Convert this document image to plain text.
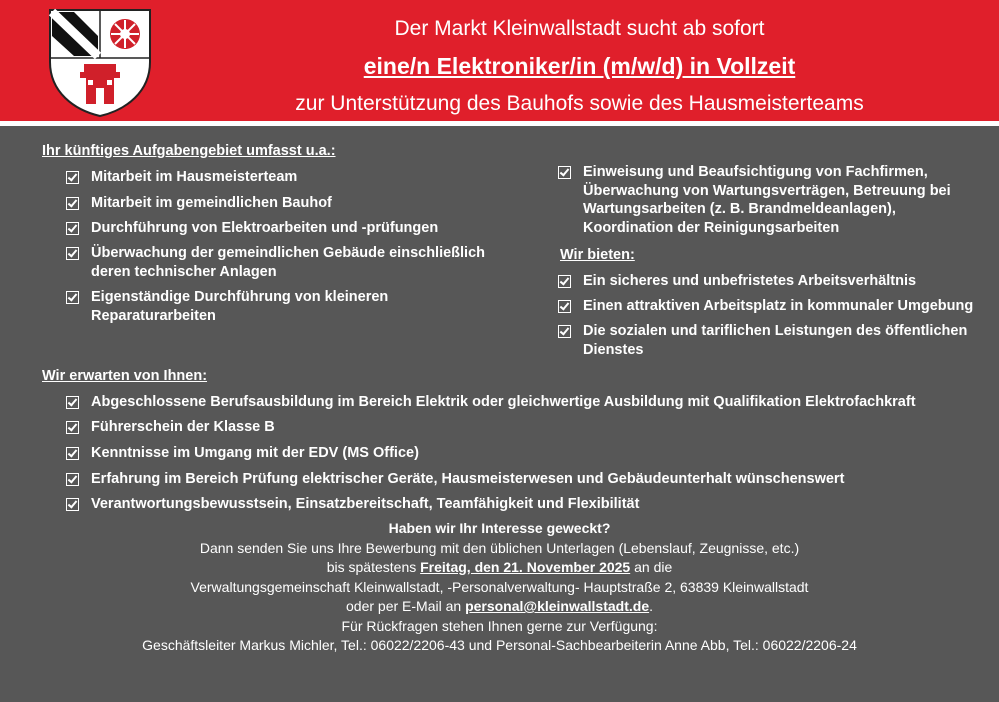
Der Markt Kleinwallstadt sucht ab sofort
eine/n Elektroniker/in (m/w/d) in Vollzeit
zur Unterstützung des Bauhofs sowie des Hausmeisterteams
Ihr künftiges Aufgabengebiet umfasst u.a.:
Mitarbeit im Hausmeisterteam
Mitarbeit im gemeindlichen Bauhof
Durchführung von Elektroarbeiten und -prüfungen
Überwachung der gemeindlichen Gebäude einschließlich deren technischer Anlagen
Eigenständige Durchführung von kleineren Reparaturarbeiten
Einweisung und Beaufsichtigung von Fachfirmen, Überwachung von Wartungsverträgen, Betreuung bei Wartungsarbeiten (z. B. Brandmeldeanlagen), Koordination der Reinigungsarbeiten
Wir bieten:
Ein sicheres und unbefristetes Arbeitsverhältnis
Einen attraktiven Arbeitsplatz in kommunaler Umgebung
Die sozialen und tariflichen Leistungen des öffentlichen Dienstes
Wir erwarten von Ihnen:
Abgeschlossene Berufsausbildung im Bereich Elektrik oder gleichwertige Ausbildung mit Qualifikation Elektrofachkraft
Führerschein der Klasse B
Kenntnisse im Umgang mit der EDV (MS Office)
Erfahrung im Bereich Prüfung elektrischer Geräte, Hausmeisterwesen und Gebäudeunterhalt wünschenswert
Verantwortungsbewusstsein, Einsatzbereitschaft, Teamfähigkeit und Flexibilität
Haben wir Ihr Interesse geweckt?
Dann senden Sie uns Ihre Bewerbung mit den üblichen Unterlagen (Lebenslauf, Zeugnisse, etc.)
bis spätestens Freitag, den 21. November 2025 an die
Verwaltungsgemeinschaft Kleinwallstadt, -Personalverwaltung- Hauptstraße 2, 63839 Kleinwallstadt
oder per E-Mail an personal@kleinwallstadt.de.
Für Rückfragen stehen Ihnen gerne zur Verfügung:
Geschäftsleiter Markus Michler, Tel.: 06022/2206-43 und Personal-Sachbearbeiterin Anne Abb, Tel.: 06022/2206-24
